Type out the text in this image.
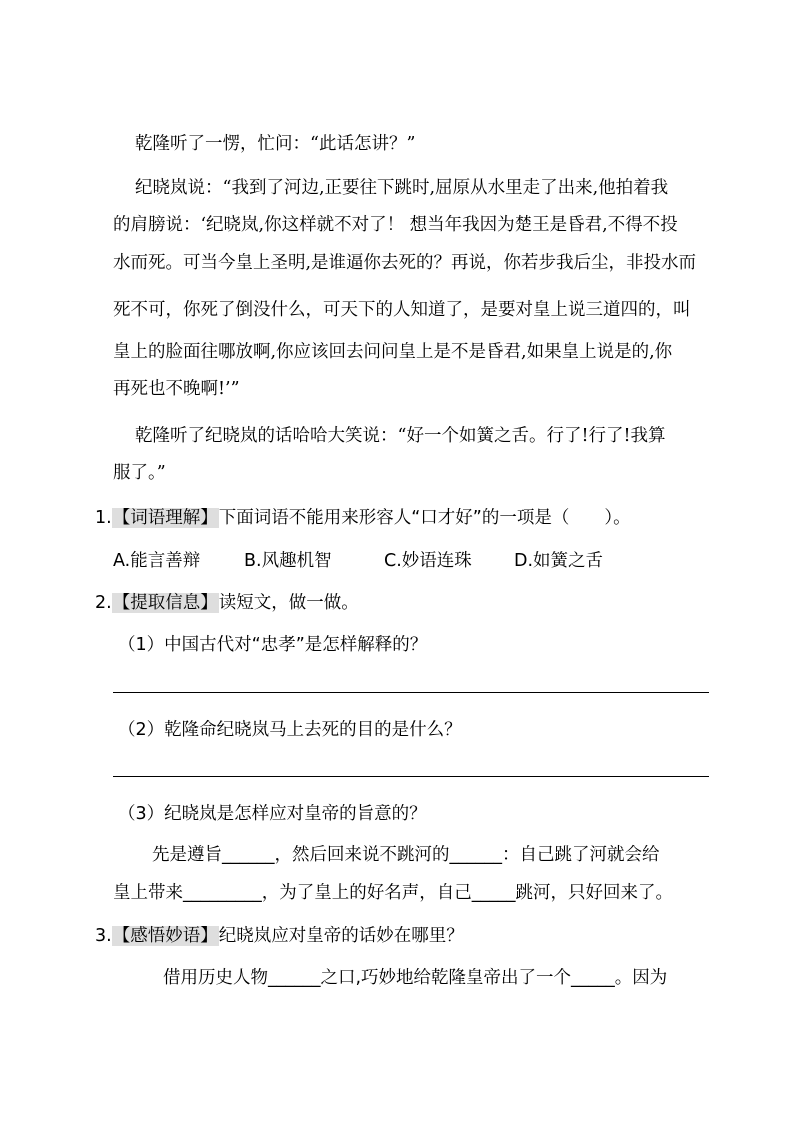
乾隆听了一愣，忙问：“此话怎讲？”
纪晓岚说：“我到了河边,正要往下跳时,屈原从水里走了出来,他拍着我
的肩膀说：‘纪晓岚,你这样就不对了！ 想当年我因为楚王是昏君,不得不投
水而死。可当今皇上圣明,是谁逼你去死的？再说，你若步我后尘，非投水而
死不可，你死了倒没什么，可天下的人知道了，是要对皇上说三道四的，叫
皇上的脸面往哪放啊,你应该回去问问皇上是不是昏君,如果皇上说是的,你
再死也不晚啊!’”
乾隆听了纪晓岚的话哈哈大笑说：“好一个如簧之舌。行了!行了!我算
服了。”
1.【词语理解】下面词语不能用来形容人“口才好”的一项是（　　）。
A.能言善辩	B.风趣机智	C.妙语连珠 D.如簧之舌
2.【提取信息】读短文，做一做。
（1）中国古代对“忠孝”是怎样解释的？
（2）乾隆命纪晓岚马上去死的目的是什么？
（3）纪晓岚是怎样应对皇帝的旨意的？
先是遵旨______，然后回来说不跳河的______：自己跳了河就会给
皇上带来_________，为了皇上的好名声，自己_____跳河，只好回来了。
3.【感悟妙语】纪晓岚应对皇帝的话妙在哪里？
借用历史人物______之口,巧妙地给乾隆皇帝出了一个_____。因为
